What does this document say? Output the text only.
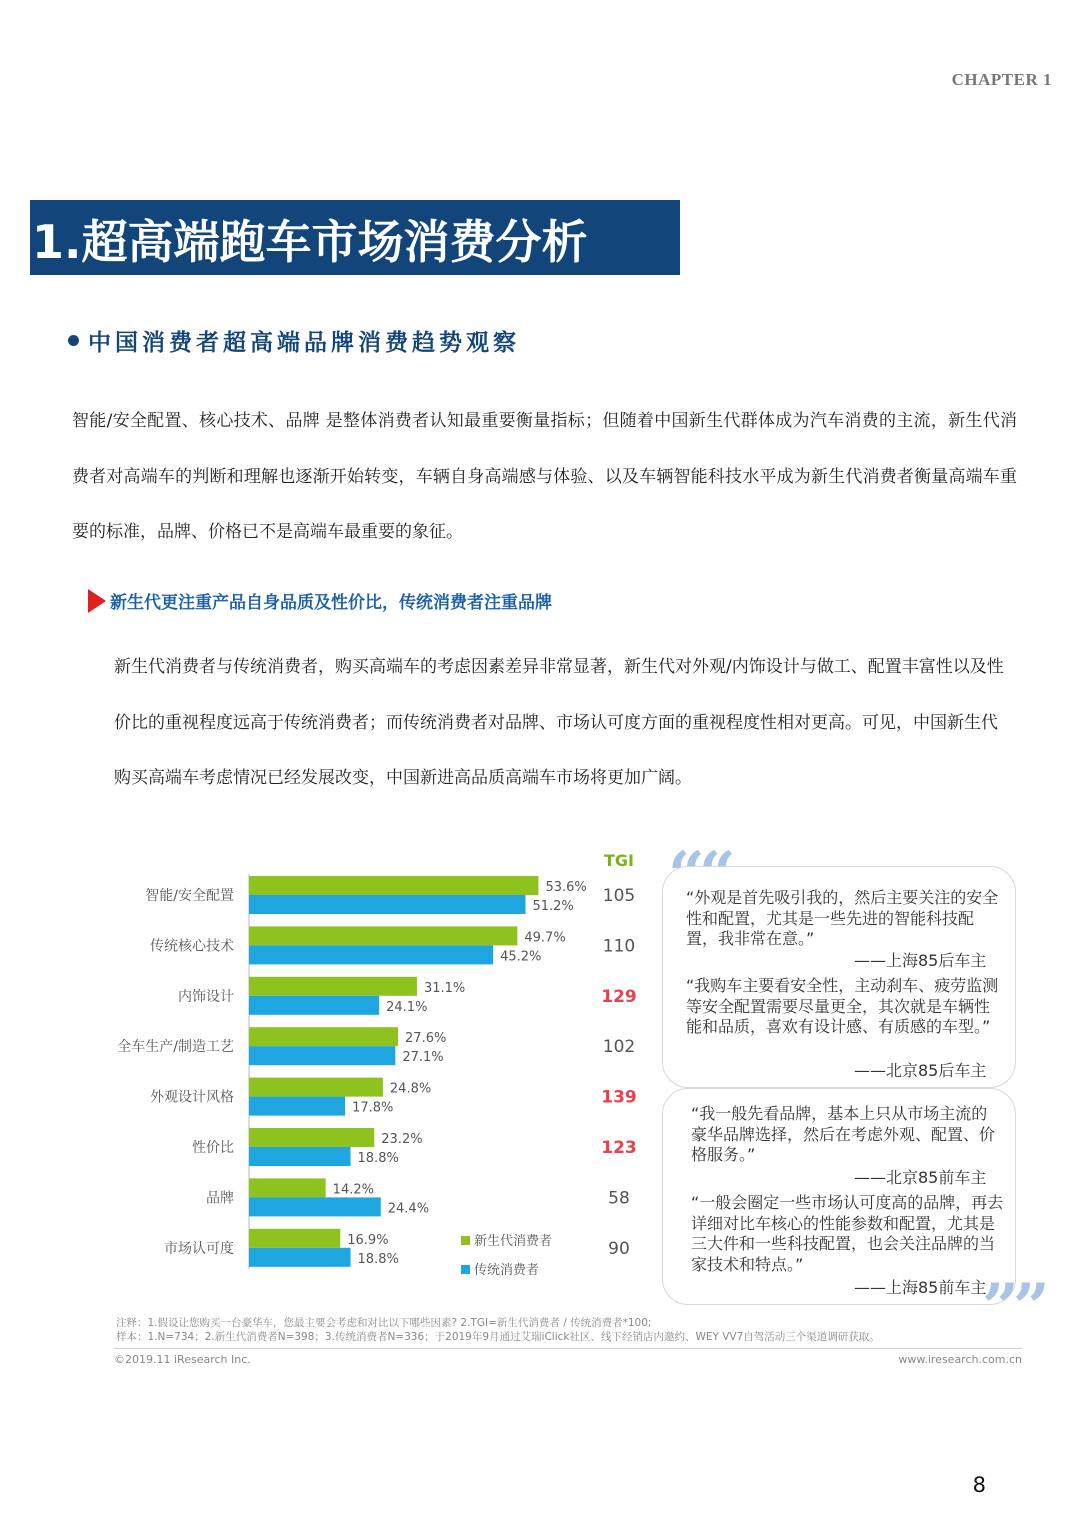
CHAPTER 1
1.超高端跑车市场消费分析
中国消费者超高端品牌消费趋势观察
智能/安全配置、核心技术、品牌 是整体消费者认知最重要衡量指标；但随着中国新生代群体成为汽车消费的主流，新生代消费者对高端车的判断和理解也逐渐开始转变，车辆自身高端感与体验、以及车辆智能科技水平成为新生代消费者衡量高端车重要的标准，品牌、价格已不是高端车最重要的象征。
新生代更注重产品自身品质及性价比，传统消费者注重品牌
新生代消费者与传统消费者，购买高端车的考虑因素差异非常显著，新生代对外观/内饰设计与做工、配置丰富性以及性价比的重视程度远高于传统消费者；而传统消费者对品牌、市场认可度方面的重视程度性相对更高。可见，中国新生代购买高端车考虑情况已经发展改变，中国新进高品质高端车市场将更加广阔。
TGI
智能/安全配置
53.6%
51.2%
105
传统核心技术
49.7%
45.2%
110
内饰设计
31.1%
24.1%
129
全车生产/制造工艺
27.6%
27.1%
102
外观设计风格
24.8%
17.8%
139
性价比
23.2%
18.8%
123
品牌
14.2%
24.4%
58
市场认可度
16.9%
18.8%
90
新生代消费者
传统消费者
“外观是首先吸引我的，然后主要关注的安全性和配置，尤其是一些先进的智能科技配置，我非常在意。”
——上海85后车主
“我购车主要看安全性，主动刹车、疲劳监测等安全配置需要尽量更全，其次就是车辆性能和品质，喜欢有设计感、有质感的车型。”
——北京85后车主
“我一般先看品牌，基本上只从市场主流的豪华品牌选择，然后在考虑外观、配置、价格服务。”
——北京85前车主
“一般会圈定一些市场认可度高的品牌，再去详细对比车核心的性能参数和配置，尤其是三大件和一些科技配置，也会关注品牌的当家技术和特点。”
——上海85前车主
””
注释：1.假设让您购买一台豪华车，您最主要会考虑和对比以下哪些因素? 2.TGI=新生代消费者 / 传统消费者*100;
样本：1.N=734；2.新生代消费者N=398；3.传统消费者N=336；于2019年9月通过艾瑞iClick社区、线下经销店内邀约、WEY VV7自驾活动三个渠道调研获取。
©2019.11 iResearch Inc.	www.iresearch.com.cn
8
